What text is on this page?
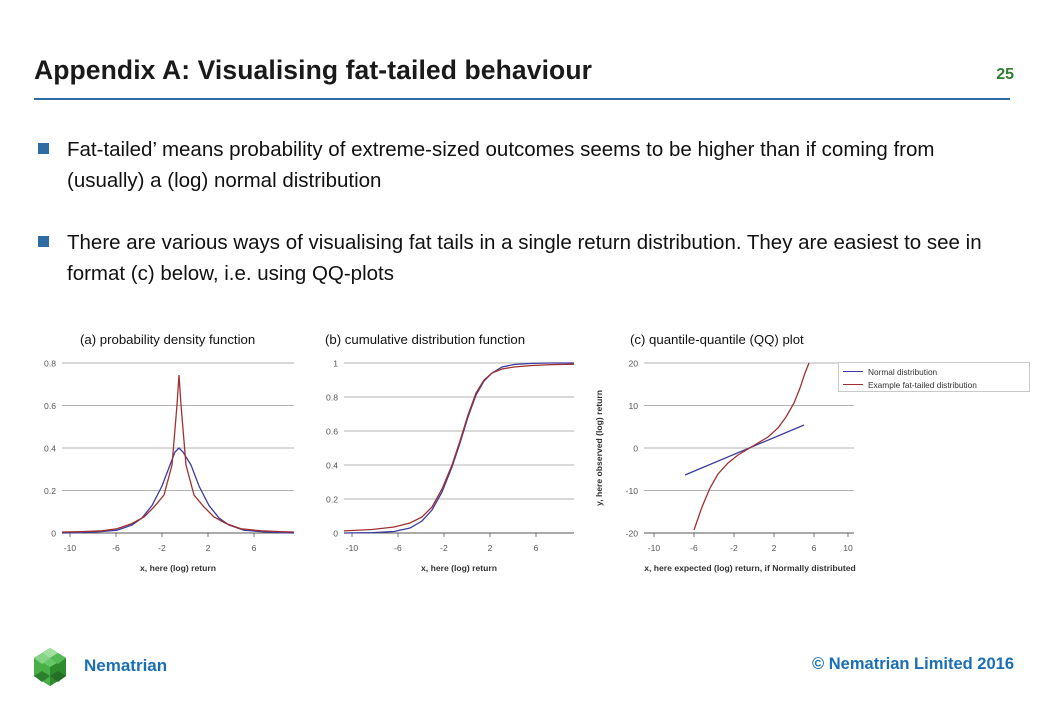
Appendix A: Visualising fat-tailed behaviour	25
Fat-tailed’ means probability of extreme-sized outcomes seems to be higher than if coming from (usually) a (log) normal distribution
There are various ways of visualising fat tails in a single return distribution. They are easiest to see in format (c) below, i.e. using QQ-plots
(a) probability density function	(b) cumulative distribution function	(c) quantile-quantile (QQ) plot
0.8
0.6
0.4
0.2
0
-10	-6	-2	2	6
x, here (log) return
1
0.8
0.6
0.4
0.2
0
-10	-6	-2	2	6
x, here (log) return
20
10
0
-10
-20
-10	-6	-2	2	6	10
x, here expected (log) return, if Normally distributed
y, here observed (log) return
Normal distribution
Example fat-tailed distribution
Nematrian	© Nematrian Limited 2016
